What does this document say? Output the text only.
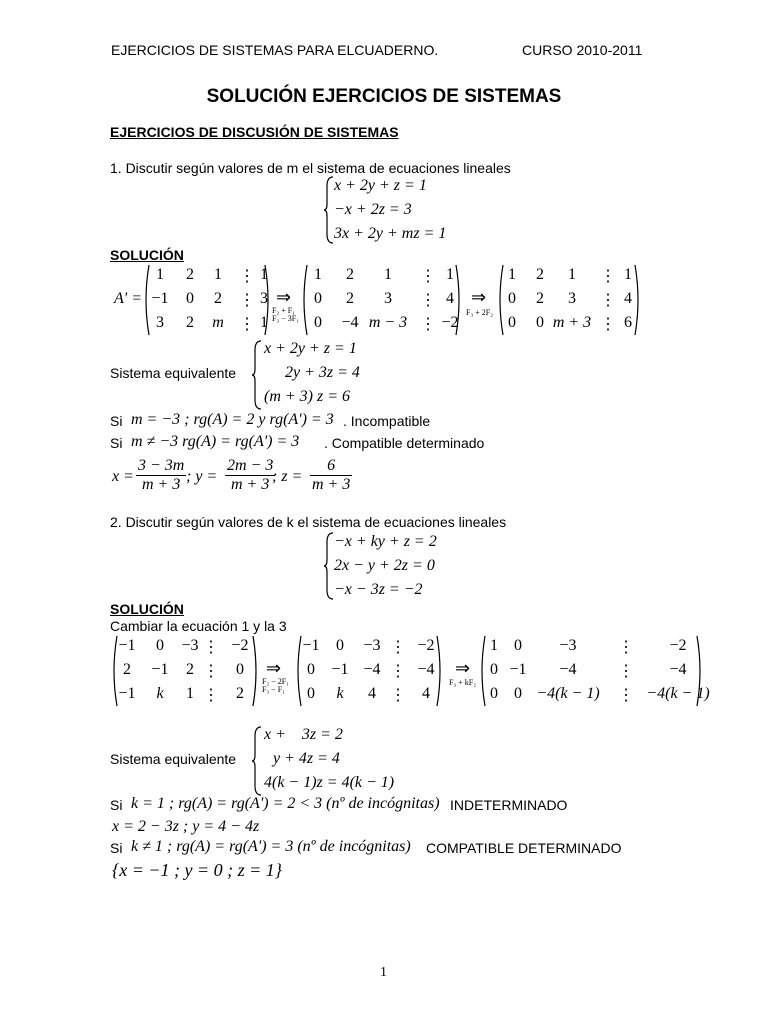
EJERCICIOS DE SISTEMAS PARA ELCUADERNO.	CURSO 2010-2011
SOLUCIÓN EJERCICIOS DE SISTEMAS
EJERCICIOS DE DISCUSIÓN DE SISTEMAS
1. Discutir según valores de m el sistema de ecuaciones lineales
x + 2y + z = 1
−x + 2z = 3
3x + 2y + mz = 1
SOLUCIÓN
A' =
1 2 1 ⋮ 1
−1 0 2 ⋮ 3
3 2 m ⋮ 1
1 2 1 ⋮ 1
0 2 3 ⋮ 4
0 −4 m − 3 ⋮ −2
1 2 1 ⋮ 1
0 2 3 ⋮ 4
0 0 m + 3 ⋮ 6
⇒
F₂ + F₁
F₃ − 3F₁
⇒
F₃ + 2F₂
Sistema equivalente
x + 2y + z = 1
2y + 3z = 4
(m + 3) z = 6
Si m = −3 ; rg(A) = 2 y rg(A') = 3 . Incompatible
Si m ≠ −3 rg(A) = rg(A') = 3 . Compatible determinado
$x = \frac{3 - 3m}{m + 3}$ ; $y = \frac{2m - 3}{m + 3}$
; $z = \frac{6}{m + 3}$
2. Discutir según valores de k el sistema de ecuaciones lineales
−x + ky + z = 2
2x − y + 2z = 0
−x − 3z = −2
SOLUCIÓN
Cambiar la ecuación 1 y la 3
−1 0 −3 ⋮ −2
2 −1 2 ⋮ 0
−1 k 1 ⋮ 2
−1 0 −3 ⋮ −2
0 −1 −4 ⋮ −4
0 k 4 ⋮ 4
1 0 −3	⋮ −2
0 −1 −4	⋮ −4
0 0 −4(k − 1) ⋮ −4(k − 1)
⇒
F₂ − 2F₁
F₃ − F₁
⇒
F₃ + kF₂
Sistema equivalente
x +    3z = 2
y + 4z = 4
4(k − 1)z = 4(k − 1)
Si k = 1 ; rg(A) = rg(A') = 2 < 3 (nº de incógnitas) INDETERMINADO
x = 2 − 3z ; y = 4 − 4z
Si k ≠ 1 ; rg(A) = rg(A') = 3 (nº de incógnitas) COMPATIBLE DETERMINADO
{x = −1 ; y = 0 ; z = 1}
1
